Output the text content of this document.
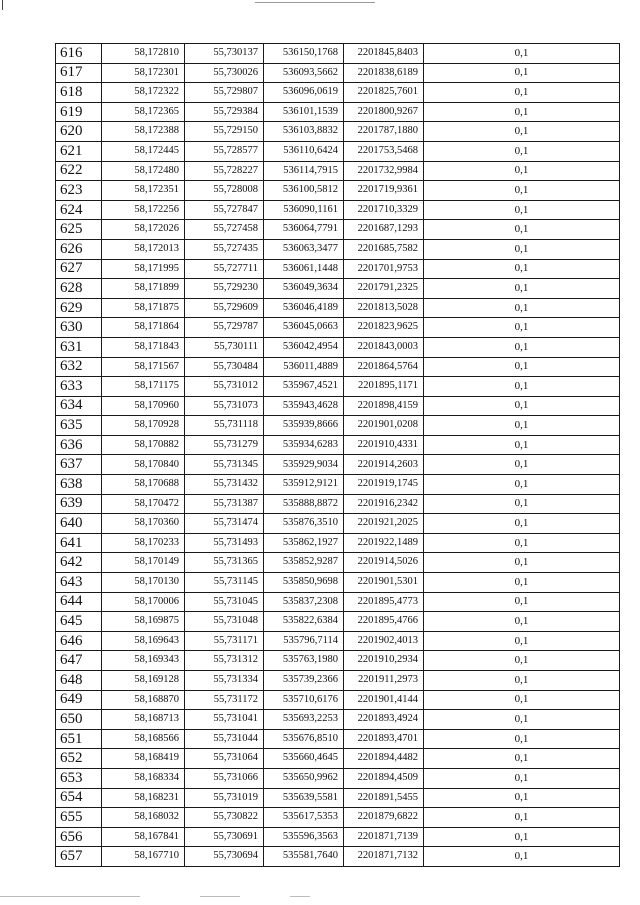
616	58,172810	55,730137	536150,1768	2201845,8403	0,1
617	58,172301	55,730026	536093,5662	2201838,6189	0,1
618	58,172322	55,729807	536096,0619	2201825,7601	0,1
619	58,172365	55,729384	536101,1539	2201800,9267	0,1
620	58,172388	55,729150	536103,8832	2201787,1880	0,1
621	58,172445	55,728577	536110,6424	2201753,5468	0,1
622	58,172480	55,728227	536114,7915	2201732,9984	0,1
623	58,172351	55,728008	536100,5812	2201719,9361	0,1
624	58,172256	55,727847	536090,1161	2201710,3329	0,1
625	58,172026	55,727458	536064,7791	2201687,1293	0,1
626	58,172013	55,727435	536063,3477	2201685,7582	0,1
627	58,171995	55,727711	536061,1448	2201701,9753	0,1
628	58,171899	55,729230	536049,3634	2201791,2325	0,1
629	58,171875	55,729609	536046,4189	2201813,5028	0,1
630	58,171864	55,729787	536045,0663	2201823,9625	0,1
631	58,171843	55,730111	536042,4954	2201843,0003	0,1
632	58,171567	55,730484	536011,4889	2201864,5764	0,1
633	58,171175	55,731012	535967,4521	2201895,1171	0,1
634	58,170960	55,731073	535943,4628	2201898,4159	0,1
635	58,170928	55,731118	535939,8666	2201901,0208	0,1
636	58,170882	55,731279	535934,6283	2201910,4331	0,1
637	58,170840	55,731345	535929,9034	2201914,2603	0,1
638	58,170688	55,731432	535912,9121	2201919,1745	0,1
639	58,170472	55,731387	535888,8872	2201916,2342	0,1
640	58,170360	55,731474	535876,3510	2201921,2025	0,1
641	58,170233	55,731493	535862,1927	2201922,1489	0,1
642	58,170149	55,731365	535852,9287	2201914,5026	0,1
643	58,170130	55,731145	535850,9698	2201901,5301	0,1
644	58,170006	55,731045	535837,2308	2201895,4773	0,1
645	58,169875	55,731048	535822,6384	2201895,4766	0,1
646	58,169643	55,731171	535796,7114	2201902,4013	0,1
647	58,169343	55,731312	535763,1980	2201910,2934	0,1
648	58,169128	55,731334	535739,2366	2201911,2973	0,1
649	58,168870	55,731172	535710,6176	2201901,4144	0,1
650	58,168713	55,731041	535693,2253	2201893,4924	0,1
651	58,168566	55,731044	535676,8510	2201893,4701	0,1
652	58,168419	55,731064	535660,4645	2201894,4482	0,1
653	58,168334	55,731066	535650,9962	2201894,4509	0,1
654	58,168231	55,731019	535639,5581	2201891,5455	0,1
655	58,168032	55,730822	535617,5353	2201879,6822	0,1
656	58,167841	55,730691	535596,3563	2201871,7139	0,1
657	58,167710	55,730694	535581,7640	2201871,7132	0,1
